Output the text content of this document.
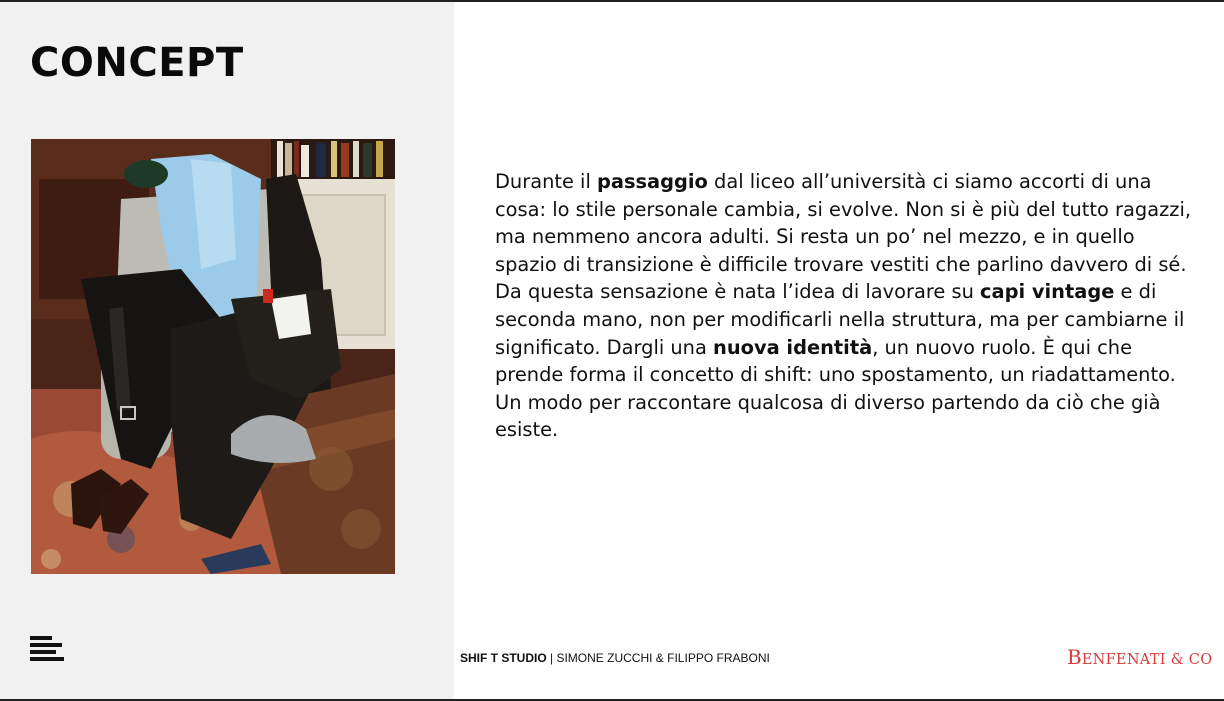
CONCEPT

Durante il passaggio dal liceo all’università ci siamo accorti di una cosa: lo stile personale cambia, si evolve. Non si è più del tutto ragazzi, ma nemmeno ancora adulti. Si resta un po’ nel mezzo, e in quello spazio di transizione è difficile trovare vestiti che parlino davvero di sé. Da questa sensazione è nata l’idea di lavorare su capi vintage e di seconda mano, non per modificarli nella struttura, ma per cambiarne il significato. Dargli una nuova identità, un nuovo ruolo. È qui che prende forma il concetto di shift: uno spostamento, un riadattamento. Un modo per raccontare qualcosa di diverso partendo da ciò che già esiste.

SHIF T STUDIO | SIMONE ZUCCHI & FILIPPO FRABONI	BENFENATI & CO
